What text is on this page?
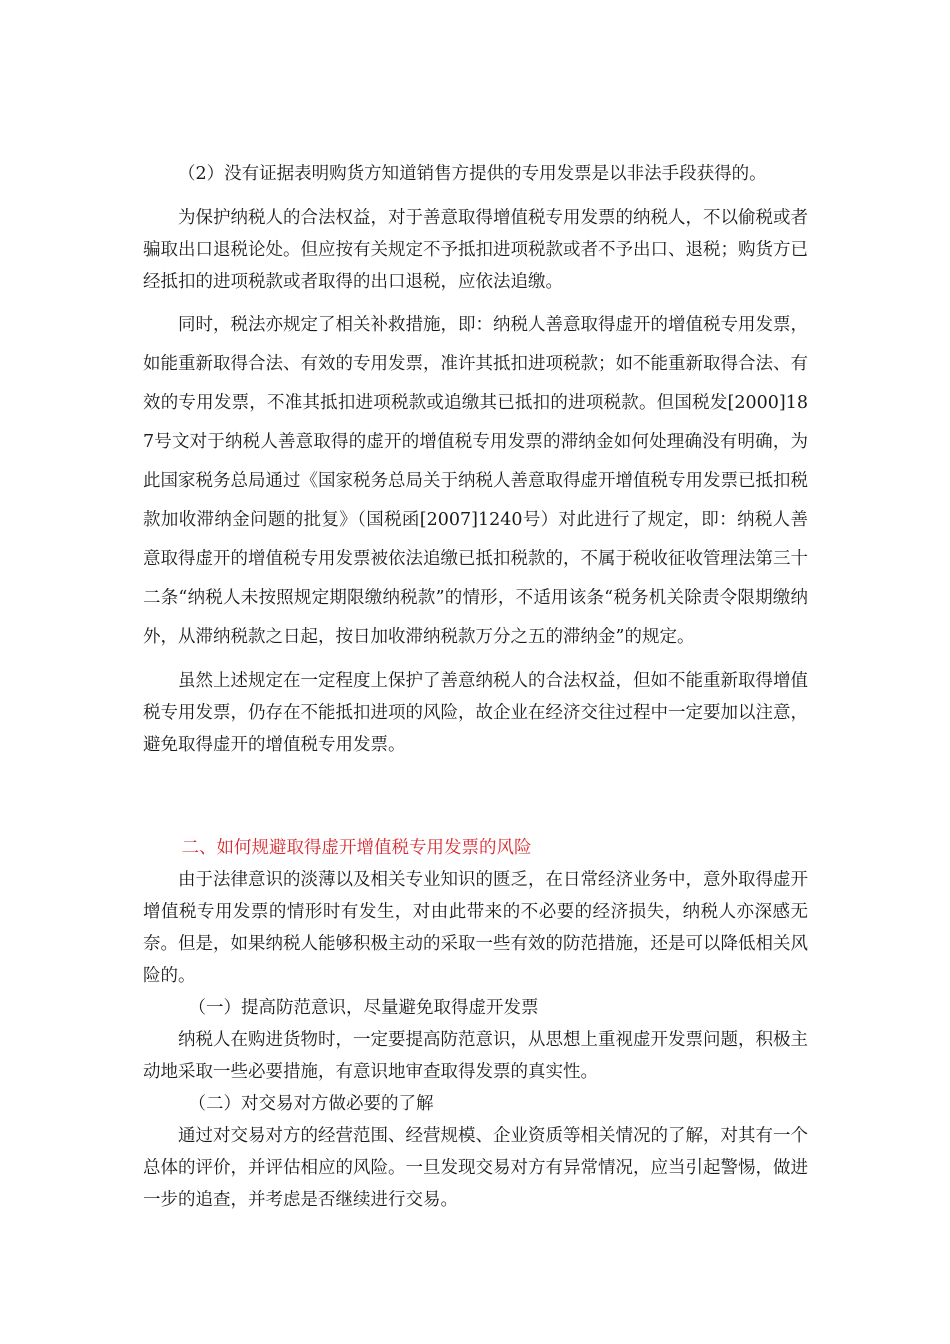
（2）没有证据表明购货方知道销售方提供的专用发票是以非法手段获得的。

为保护纳税人的合法权益，对于善意取得增值税专用发票的纳税人，不以偷税或者骗取出口退税论处。但应按有关规定不予抵扣进项税款或者不予出口、退税；购货方已经抵扣的进项税款或者取得的出口退税，应依法追缴。

同时，税法亦规定了相关补救措施，即：纳税人善意取得虚开的增值税专用发票，如能重新取得合法、有效的专用发票，准许其抵扣进项税款；如不能重新取得合法、有效的专用发票，不准其抵扣进项税款或追缴其已抵扣的进项税款。但国税发[2000]187号文对于纳税人善意取得的虚开的增值税专用发票的滞纳金如何处理确没有明确，为此国家税务总局通过《国家税务总局关于纳税人善意取得虚开增值税专用发票已抵扣税款加收滞纳金问题的批复》（国税函[2007]1240号）对此进行了规定，即：纳税人善意取得虚开的增值税专用发票被依法追缴已抵扣税款的，不属于税收征收管理法第三十二条“纳税人未按照规定期限缴纳税款”的情形，不适用该条“税务机关除责令限期缴纳外，从滞纳税款之日起，按日加收滞纳税款万分之五的滞纳金”的规定。

虽然上述规定在一定程度上保护了善意纳税人的合法权益，但如不能重新取得增值税专用发票，仍存在不能抵扣进项的风险，故企业在经济交往过程中一定要加以注意，避免取得虚开的增值税专用发票。

二、如何规避取得虚开增值税专用发票的风险

由于法律意识的淡薄以及相关专业知识的匮乏，在日常经济业务中，意外取得虚开增值税专用发票的情形时有发生，对由此带来的不必要的经济损失，纳税人亦深感无奈。但是，如果纳税人能够积极主动的采取一些有效的防范措施，还是可以降低相关风险的。

（一）提高防范意识，尽量避免取得虚开发票

纳税人在购进货物时，一定要提高防范意识，从思想上重视虚开发票问题，积极主动地采取一些必要措施，有意识地审查取得发票的真实性。

（二）对交易对方做必要的了解

通过对交易对方的经营范围、经营规模、企业资质等相关情况的了解，对其有一个总体的评价，并评估相应的风险。一旦发现交易对方有异常情况，应当引起警惕，做进一步的追查，并考虑是否继续进行交易。
